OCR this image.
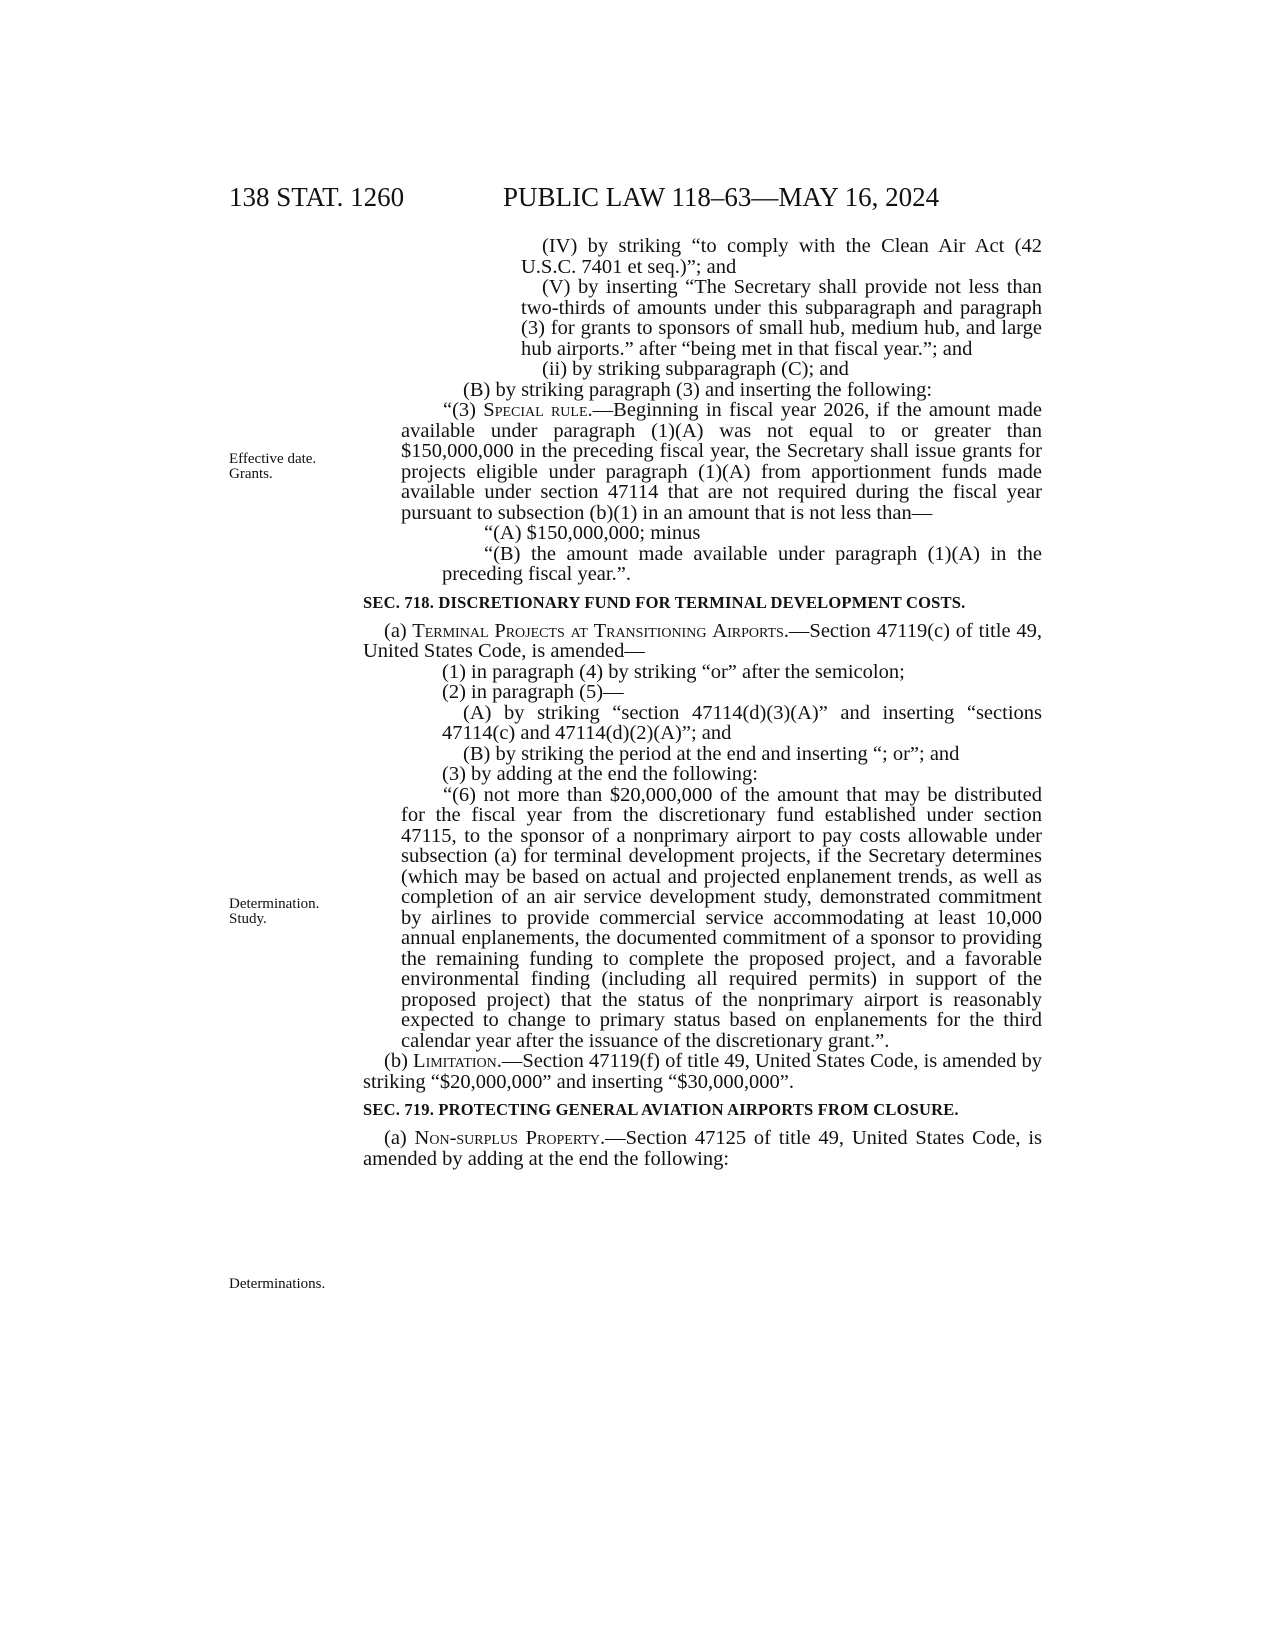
138 STAT. 1260	PUBLIC LAW 118–63—MAY 16, 2024
Effective date.
Grants.
Determination.
Study.
Determinations.
(IV) by striking “to comply with the Clean Air Act (42 U.S.C. 7401 et seq.)”; and
(V) by inserting “The Secretary shall provide not less than two-thirds of amounts under this subparagraph and paragraph (3) for grants to sponsors of small hub, medium hub, and large hub airports.” after “being met in that fiscal year.”; and
(ii) by striking subparagraph (C); and
(B) by striking paragraph (3) and inserting the following:
“(3) Special rule.—Beginning in fiscal year 2026, if the amount made available under paragraph (1)(A) was not equal to or greater than $150,000,000 in the preceding fiscal year, the Secretary shall issue grants for projects eligible under paragraph (1)(A) from apportionment funds made available under section 47114 that are not required during the fiscal year pursuant to subsection (b)(1) in an amount that is not less than—
“(A) $150,000,000; minus
“(B) the amount made available under paragraph (1)(A) in the preceding fiscal year.”.
SEC. 718. DISCRETIONARY FUND FOR TERMINAL DEVELOPMENT COSTS.
(a) Terminal Projects at Transitioning Airports.—Section 47119(c) of title 49, United States Code, is amended—
(1) in paragraph (4) by striking “or” after the semicolon;
(2) in paragraph (5)—
(A) by striking “section 47114(d)(3)(A)” and inserting “sections 47114(c) and 47114(d)(2)(A)”; and
(B) by striking the period at the end and inserting “; or”; and
(3) by adding at the end the following:
“(6) not more than $20,000,000 of the amount that may be distributed for the fiscal year from the discretionary fund established under section 47115, to the sponsor of a nonprimary airport to pay costs allowable under subsection (a) for terminal development projects, if the Secretary determines (which may be based on actual and projected enplanement trends, as well as completion of an air service development study, demonstrated commitment by airlines to provide commercial service accommodating at least 10,000 annual enplanements, the documented commitment of a sponsor to providing the remaining funding to complete the proposed project, and a favorable environmental finding (including all required permits) in support of the proposed project) that the status of the nonprimary airport is reasonably expected to change to primary status based on enplanements for the third calendar year after the issuance of the discretionary grant.”.
(b) Limitation.—Section 47119(f) of title 49, United States Code, is amended by striking “$20,000,000” and inserting “$30,000,000”.
SEC. 719. PROTECTING GENERAL AVIATION AIRPORTS FROM CLOSURE.
(a) Non-surplus Property.—Section 47125 of title 49, United States Code, is amended by adding at the end the following:
